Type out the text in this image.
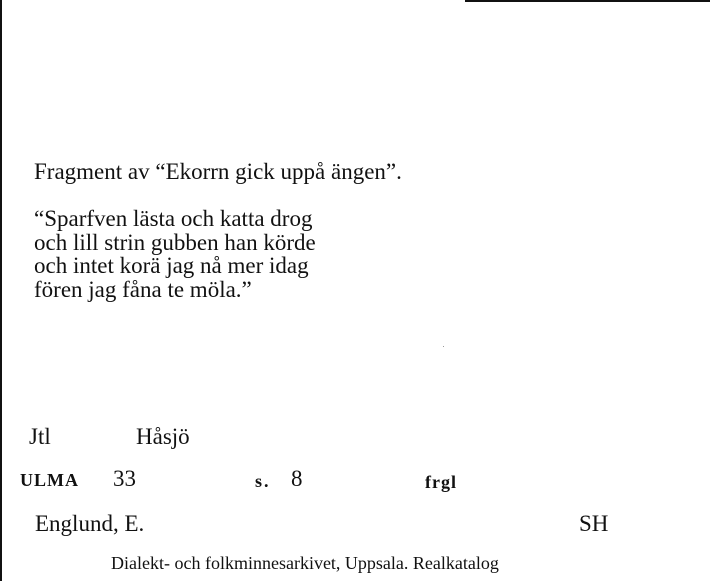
Fragment av “Ekorrn gick uppå ängen”.
“Sparfven lästa och katta drog
och lill strin gubben han körde
och intet korä jag nå mer idag
fören jag fåna te möla.”
Jtl	Håsjö
ULMA 33	s. 8	frgl
Englund, E.	SH
Dialekt- och folkminnesarkivet, Uppsala. Realkatalog
